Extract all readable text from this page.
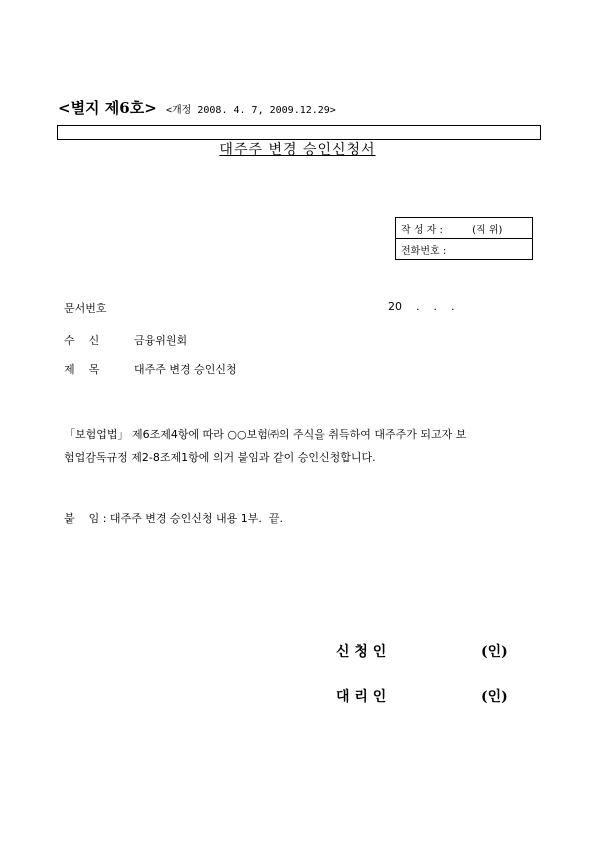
<별지 제6호> <개정 2008. 4. 7, 2009.12.29>
대주주 변경 승인신청서
작 성 자 :	(직 위)
전화번호 :
문서번호	20    .    .    .
수    신	금융위원회
제    목	대주주 변경 승인신청
「보험업법」 제6조제4항에 따라 ○○보험㈜의 주식을 취득하여 대주주가 되고자 보
험업감독규정 제2-8조제1항에 의거 붙임과 같이 승인신청합니다.
붙    임 : 대주주 변경 승인신청 내용 1부.  끝.
신 청 인	(인)
대 리 인	(인)
